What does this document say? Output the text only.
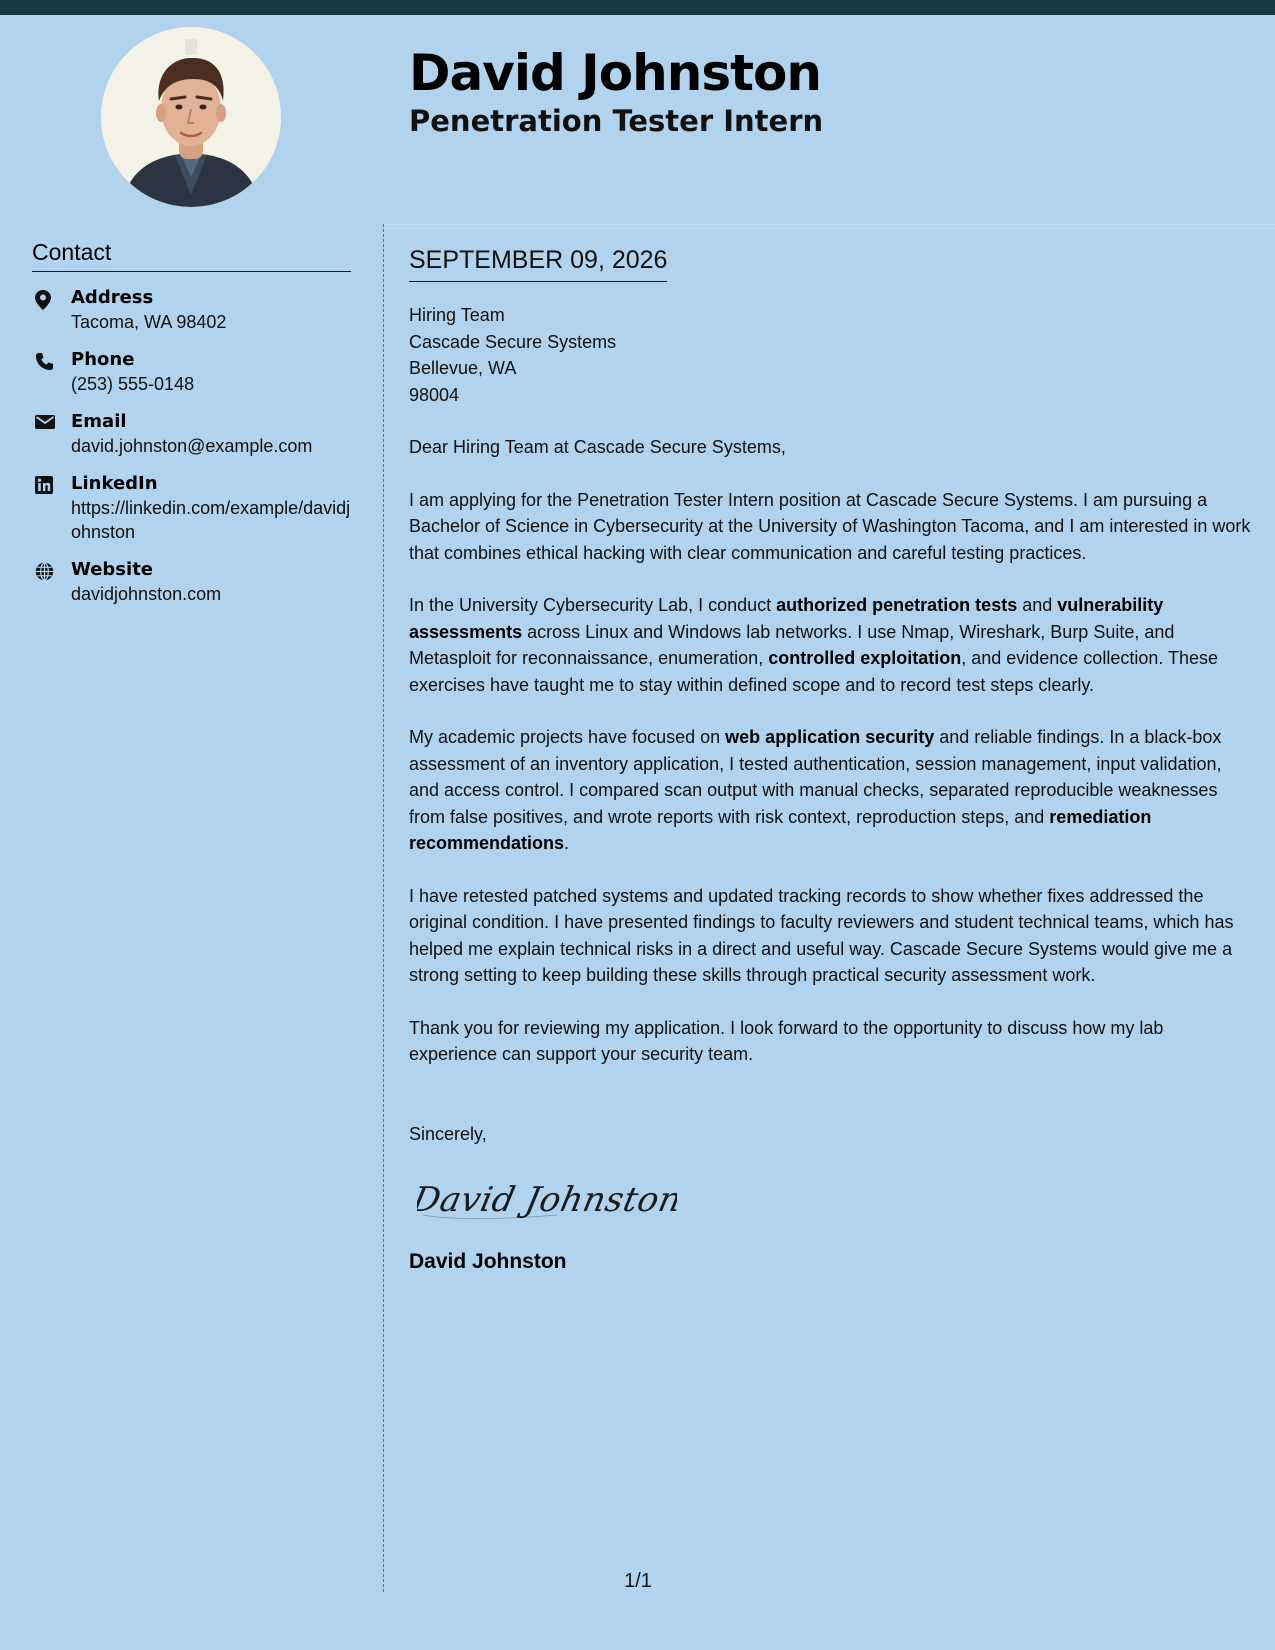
David Johnston
Penetration Tester Intern
Contact
Address
Tacoma, WA 98402
Phone
(253) 555-0148
Email
david.johnston@example.com
LinkedIn
https://linkedin.com/example/davidjohnston
Website
davidjohnston.com
SEPTEMBER 09, 2026

Hiring Team

Cascade Secure Systems

Bellevue, WA

98004

Dear Hiring Team at Cascade Secure Systems,

I am applying for the Penetration Tester Intern position at Cascade Secure Systems. I am pursuing a Bachelor of Science in Cybersecurity at the University of Washington Tacoma, and I am interested in work that combines ethical hacking with clear communication and careful testing practices.

In the University Cybersecurity Lab, I conduct authorized penetration tests and vulnerability assessments across Linux and Windows lab networks. I use Nmap, Wireshark, Burp Suite, and Metasploit for reconnaissance, enumeration, controlled exploitation, and evidence collection. These exercises have taught me to stay within defined scope and to record test steps clearly.

My academic projects have focused on web application security and reliable findings. In a black-box assessment of an inventory application, I tested authentication, session management, input validation, and access control. I compared scan output with manual checks, separated reproducible weaknesses from false positives, and wrote reports with risk context, reproduction steps, and remediation recommendations.

I have retested patched systems and updated tracking records to show whether fixes addressed the original condition. I have presented findings to faculty reviewers and student technical teams, which has helped me explain technical risks in a direct and useful way. Cascade Secure Systems would give me a strong setting to keep building these skills through practical security assessment work.

Thank you for reviewing my application. I look forward to the opportunity to discuss how my lab experience can support your security team.

Sincerely,

David Johnston

David Johnston

1/1
